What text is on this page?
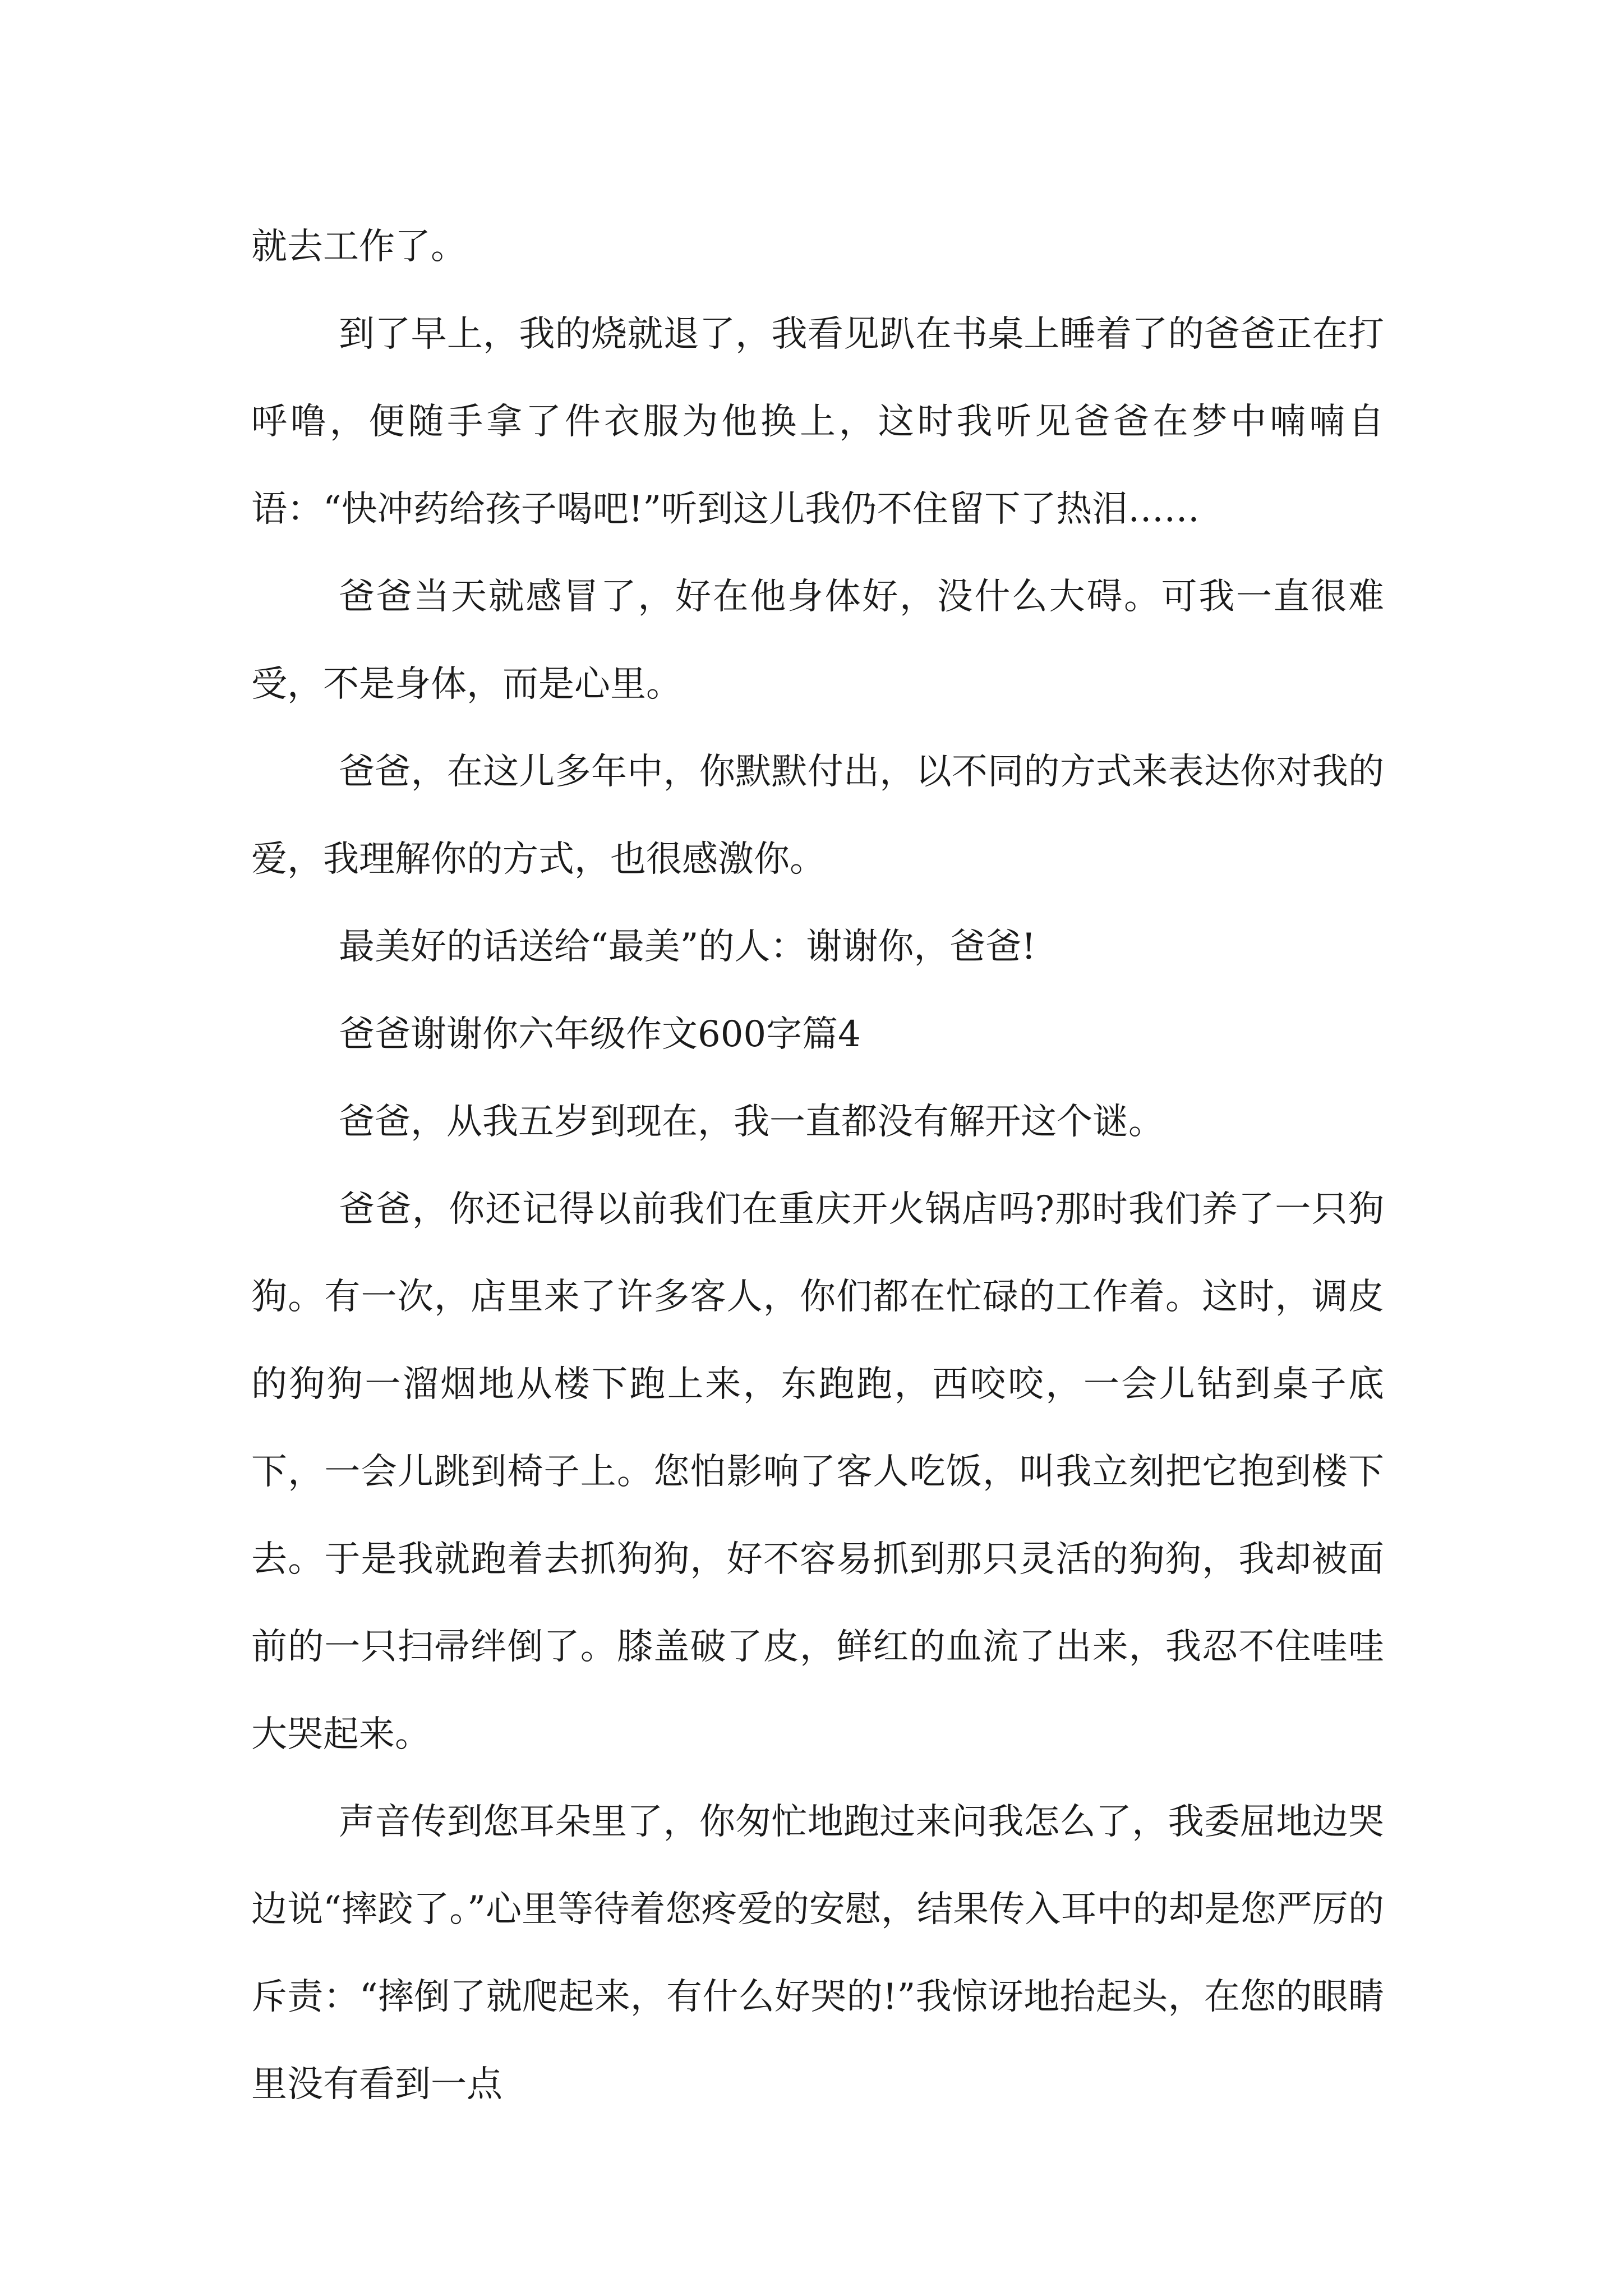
就去工作了。

到了早上，我的烧就退了，我看见趴在书桌上睡着了的爸爸正在打呼噜，便随手拿了件衣服为他换上，这时我听见爸爸在梦中喃喃自语：“快冲药给孩子喝吧!”听到这儿我仍不住留下了热泪……

爸爸当天就感冒了，好在他身体好，没什么大碍。可我一直很难受，不是身体，而是心里。

爸爸，在这儿多年中，你默默付出，以不同的方式来表达你对我的爱，我理解你的方式，也很感激你。

最美好的话送给“最美”的人：谢谢你，爸爸!

爸爸谢谢你六年级作文600字篇4

爸爸，从我五岁到现在，我一直都没有解开这个谜。

爸爸，你还记得以前我们在重庆开火锅店吗?那时我们养了一只狗狗。有一次，店里来了许多客人，你们都在忙碌的工作着。这时，调皮的狗狗一溜烟地从楼下跑上来，东跑跑，西咬咬，一会儿钻到桌子底下，一会儿跳到椅子上。您怕影响了客人吃饭，叫我立刻把它抱到楼下去。于是我就跑着去抓狗狗，好不容易抓到那只灵活的狗狗，我却被面前的一只扫帚绊倒了。膝盖破了皮，鲜红的血流了出来，我忍不住哇哇大哭起来。

声音传到您耳朵里了，你匆忙地跑过来问我怎么了，我委屈地边哭边说“摔跤了。”心里等待着您疼爱的安慰，结果传入耳中的却是您严厉的斥责：“摔倒了就爬起来，有什么好哭的!”我惊讶地抬起头，在您的眼睛里没有看到一点
